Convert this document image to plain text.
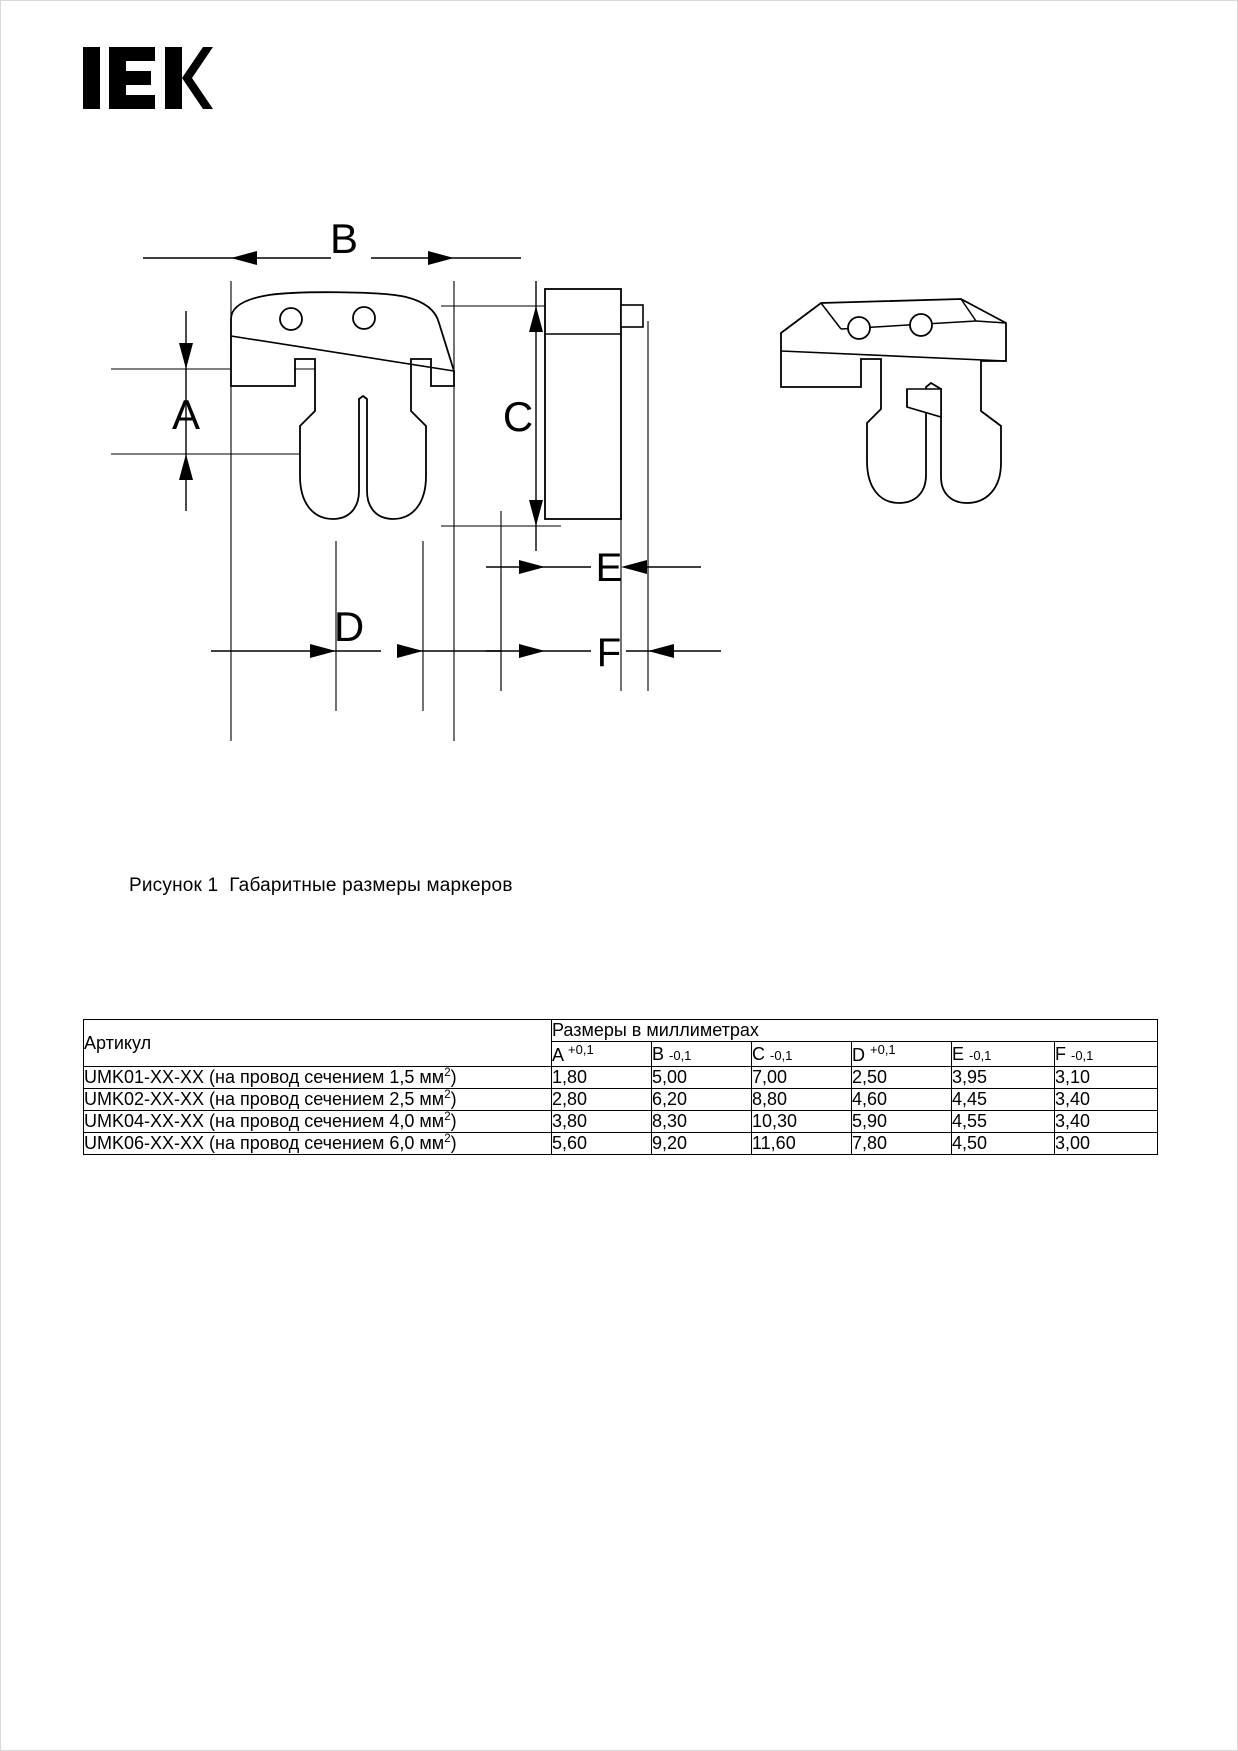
B
A	C
D
E
F
Рисунок 1  Габаритные размеры маркеров
Артикул	Размеры в миллиметрах					
	A $^{+0,1}$	B -0,1	C -0,1	D $^{+0,1}$	E -0,1	F -0,1
UMK01-XX-XX (на провод сечением 1,5 $мм^2$)	1,80	5,00	7,00	2,50	3,95	3,10
UMK02-XX-XX (на провод сечением 2,5 $мм^2$)	2,80	6,20	8,80	4,60	4,45	3,40
UMK04-XX-XX (на провод сечением 4,0 $мм^2$)	3,80	8,30	10,30	5,90	4,55	3,40
UMK06-XX-XX (на провод сечением 6,0 $мм^2$)	5,60	9,20	11,60	7,80	4,50	3,00
